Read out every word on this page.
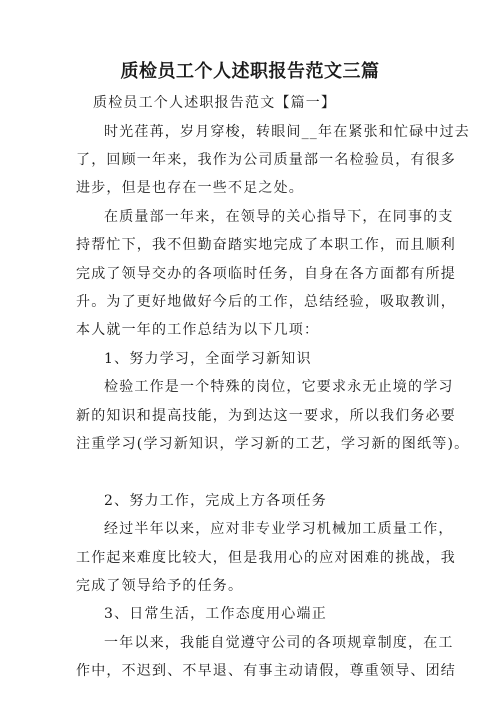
质检员工个人述职报告范文三篇
质检员工个人述职报告范文【篇一】
时光荏苒，岁月穿梭，转眼间__年在紧张和忙碌中过去
了，回顾一年来，我作为公司质量部一名检验员，有很多
进步，但是也存在一些不足之处。
在质量部一年来，在领导的关心指导下，在同事的支
持帮忙下，我不但勤奋踏实地完成了本职工作，而且顺利
完成了领导交办的各项临时任务，自身在各方面都有所提
升。为了更好地做好今后的工作，总结经验，吸取教训，
本人就一年的工作总结为以下几项：
1、努力学习，全面学习新知识
检验工作是一个特殊的岗位，它要求永无止境的学习
新的知识和提高技能，为到达这一要求，所以我们务必要
注重学习(学习新知识，学习新的工艺，学习新的图纸等)。
2、努力工作，完成上方各项任务
经过半年以来，应对非专业学习机械加工质量工作，
工作起来难度比较大，但是我用心的应对困难的挑战，我
完成了领导给予的任务。
3、日常生活，工作态度用心端正
一年以来，我能自觉遵守公司的各项规章制度，在工
作中，不迟到、不早退、有事主动请假，尊重领导、团结
